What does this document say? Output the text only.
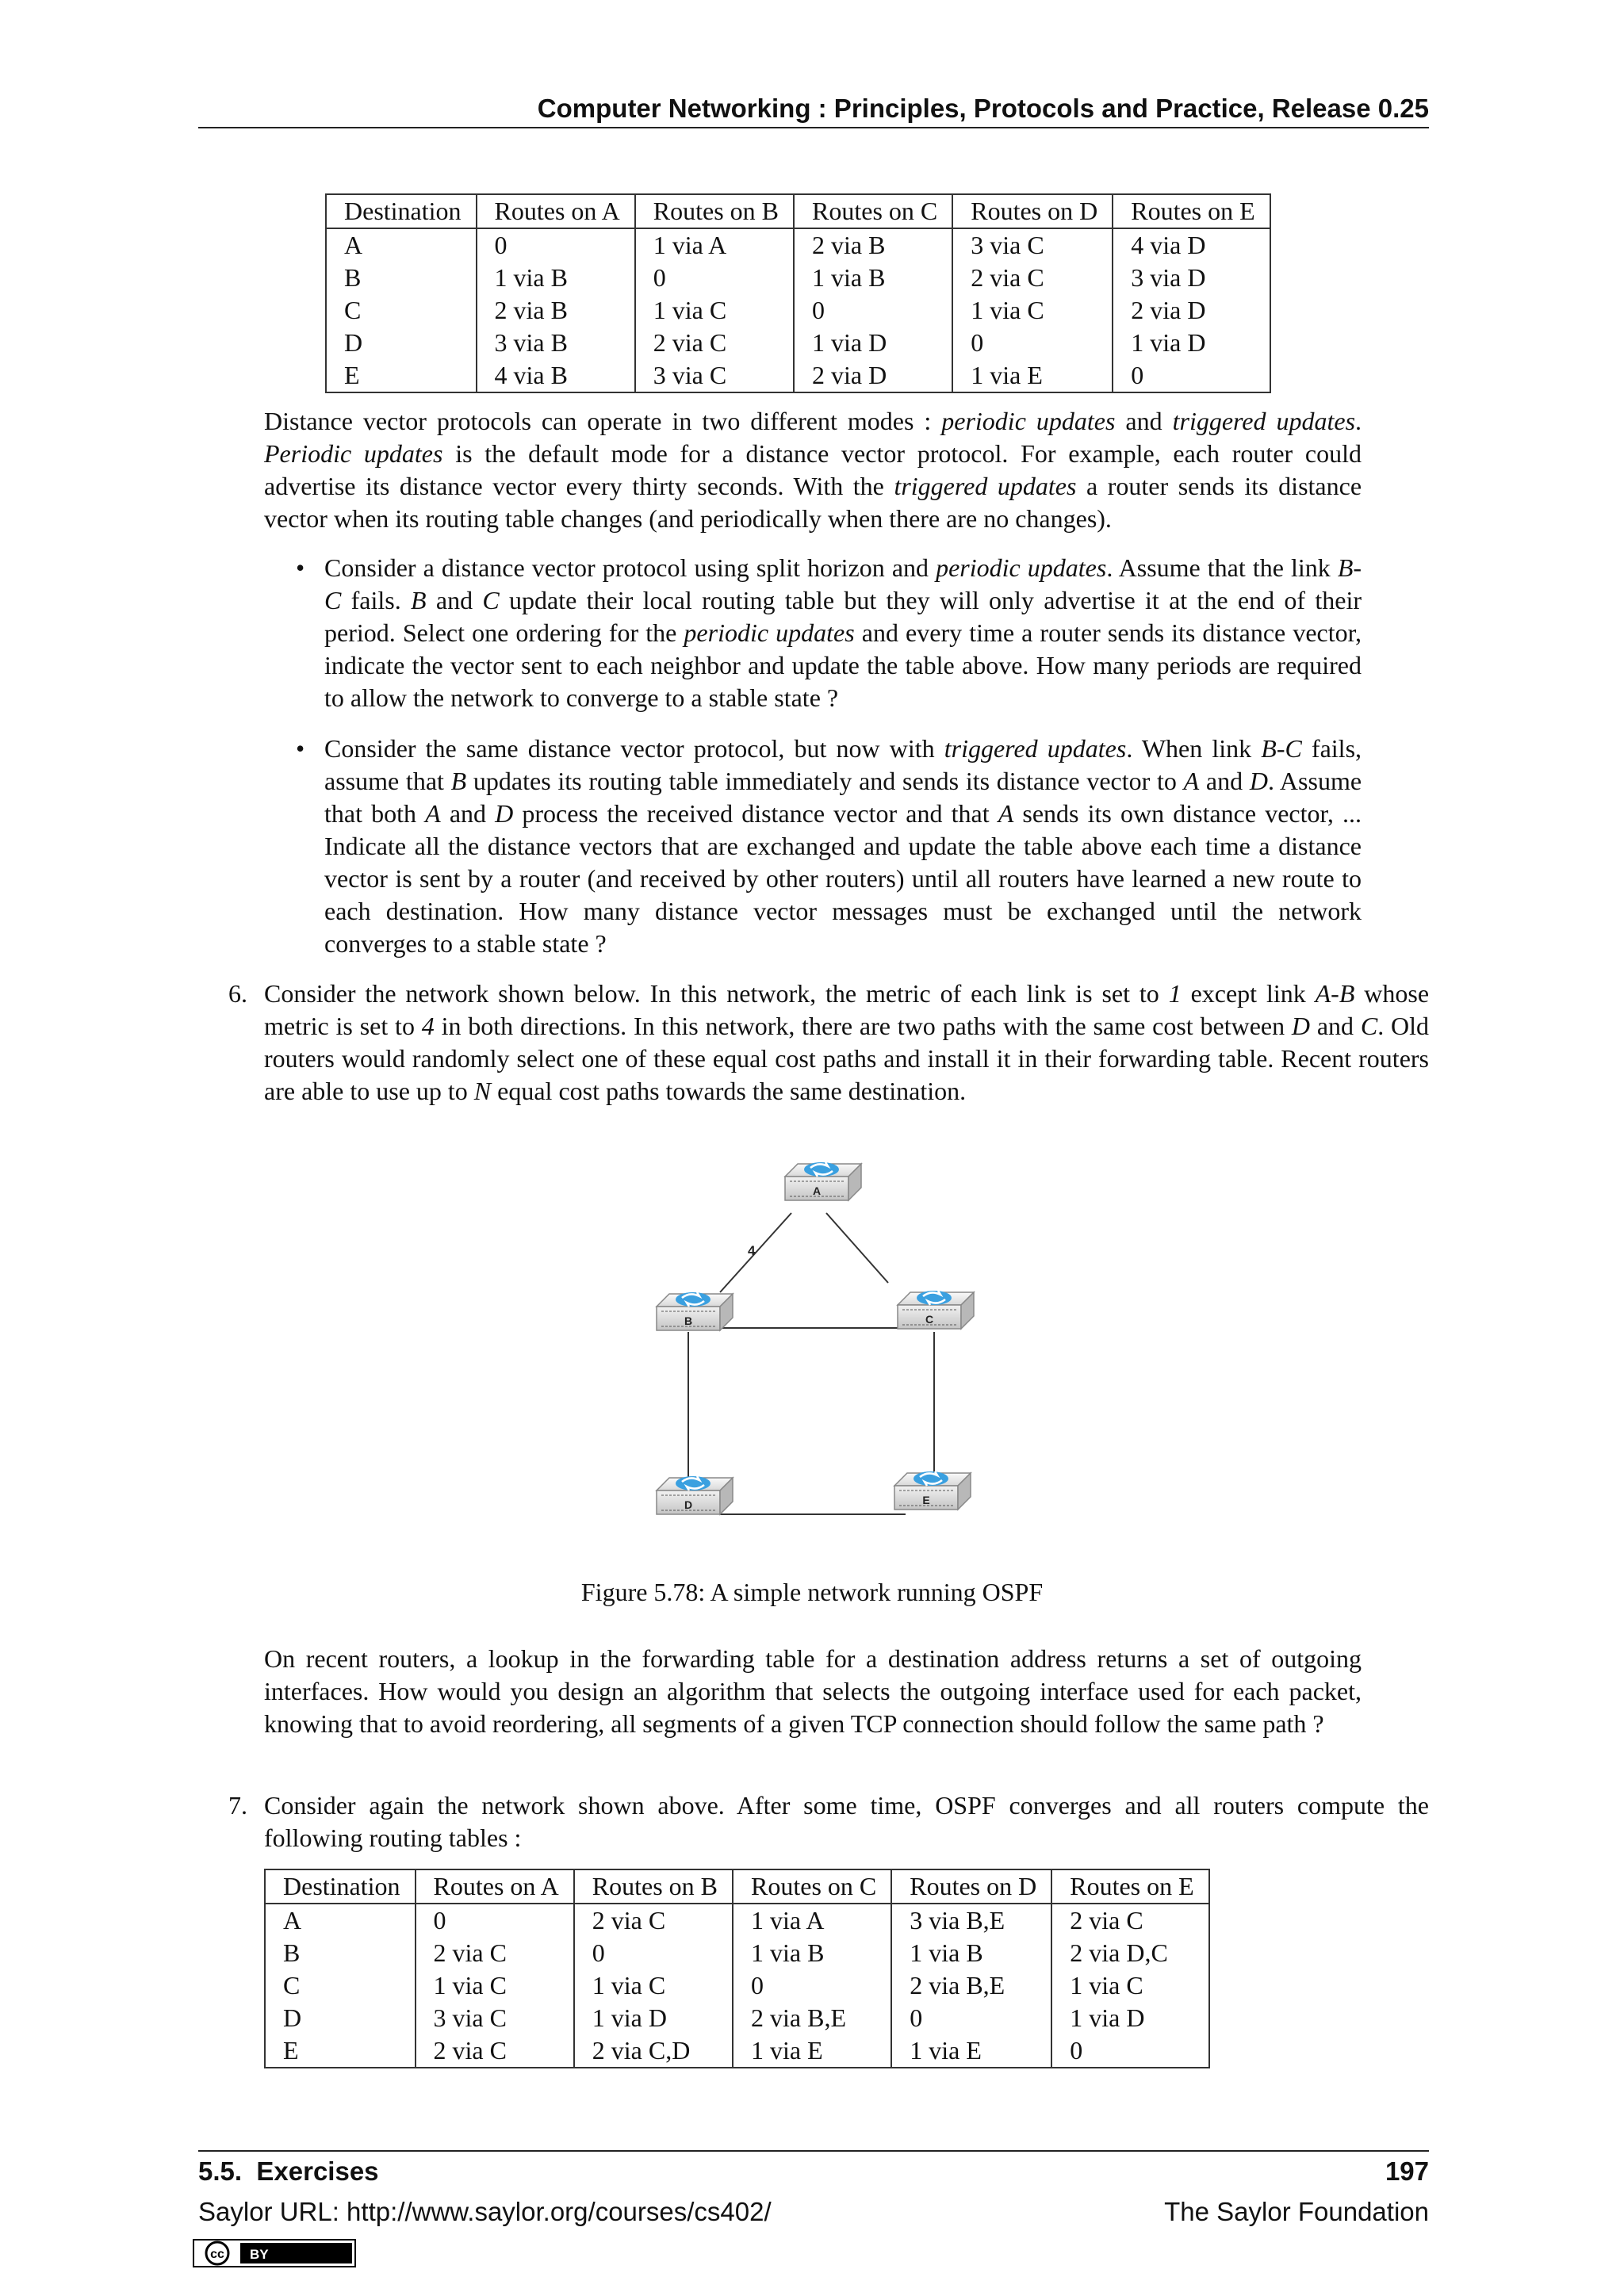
Computer Networking : Principles, Protocols and Practice, Release 0.25
Destination	Routes on A	Routes on B	Routes on C	Routes on D	Routes on E
A	0	1 via A	2 via B	3 via C	4 via D
B	1 via B	0	1 via B	2 via C	3 via D
C	2 via B	1 via C	0	1 via C	2 via D
D	3 via B	2 via C	1 via D	0	1 via D
E	4 via B	3 via C	2 via D	1 via E	0
Distance vector protocols can operate in two different modes : periodic updates and triggered updates. Periodic updates is the default mode for a distance vector protocol. For example, each router could advertise its distance vector every thirty seconds. With the triggered updates a router sends its distance vector when its routing table changes (and periodically when there are no changes).
• Consider a distance vector protocol using split horizon and periodic updates. Assume that the link B-C fails. B and C update their local routing table but they will only advertise it at the end of their period. Select one ordering for the periodic updates and every time a router sends its distance vector, indicate the vector sent to each neighbor and update the table above. How many periods are required to allow the network to converge to a stable state ?
• Consider the same distance vector protocol, but now with triggered updates. When link B-C fails, assume that B updates its routing table immediately and sends its distance vector to A and D. Assume that both A and D process the received distance vector and that A sends its own distance vector, ... Indicate all the distance vectors that are exchanged and update the table above each time a distance vector is sent by a router (and received by other routers) until all routers have learned a new route to each destination. How many distance vector messages must be exchanged until the network converges to a stable state ?
6. Consider the network shown below. In this network, the metric of each link is set to 1 except link A-B whose metric is set to 4 in both directions. In this network, there are two paths with the same cost between D and C. Old routers would randomly select one of these equal cost paths and install it in their forwarding table. Recent routers are able to use up to N equal cost paths towards the same destination.
4
A
B	C
D	E
Figure 5.78: A simple network running OSPF
On recent routers, a lookup in the forwarding table for a destination address returns a set of outgoing interfaces. How would you design an algorithm that selects the outgoing interface used for each packet, knowing that to avoid reordering, all segments of a given TCP connection should follow the same path ?
7. Consider again the network shown above. After some time, OSPF converges and all routers compute the following routing tables :
Destination	Routes on A	Routes on B	Routes on C	Routes on D	Routes on E
A	0	2 via C	1 via A	3 via B,E	2 via C
B	2 via C	0	1 via B	1 via B	2 via D,C
C	1 via C	1 via C	0	2 via B,E	1 via C
D	3 via C	1 via D	2 via B,E	0	1 via D
E	2 via C	2 via C,D	1 via E	1 via E	0
5.5.  Exercises	197
Saylor URL: http://www.saylor.org/courses/cs402/	The Saylor Foundation
cc BY
